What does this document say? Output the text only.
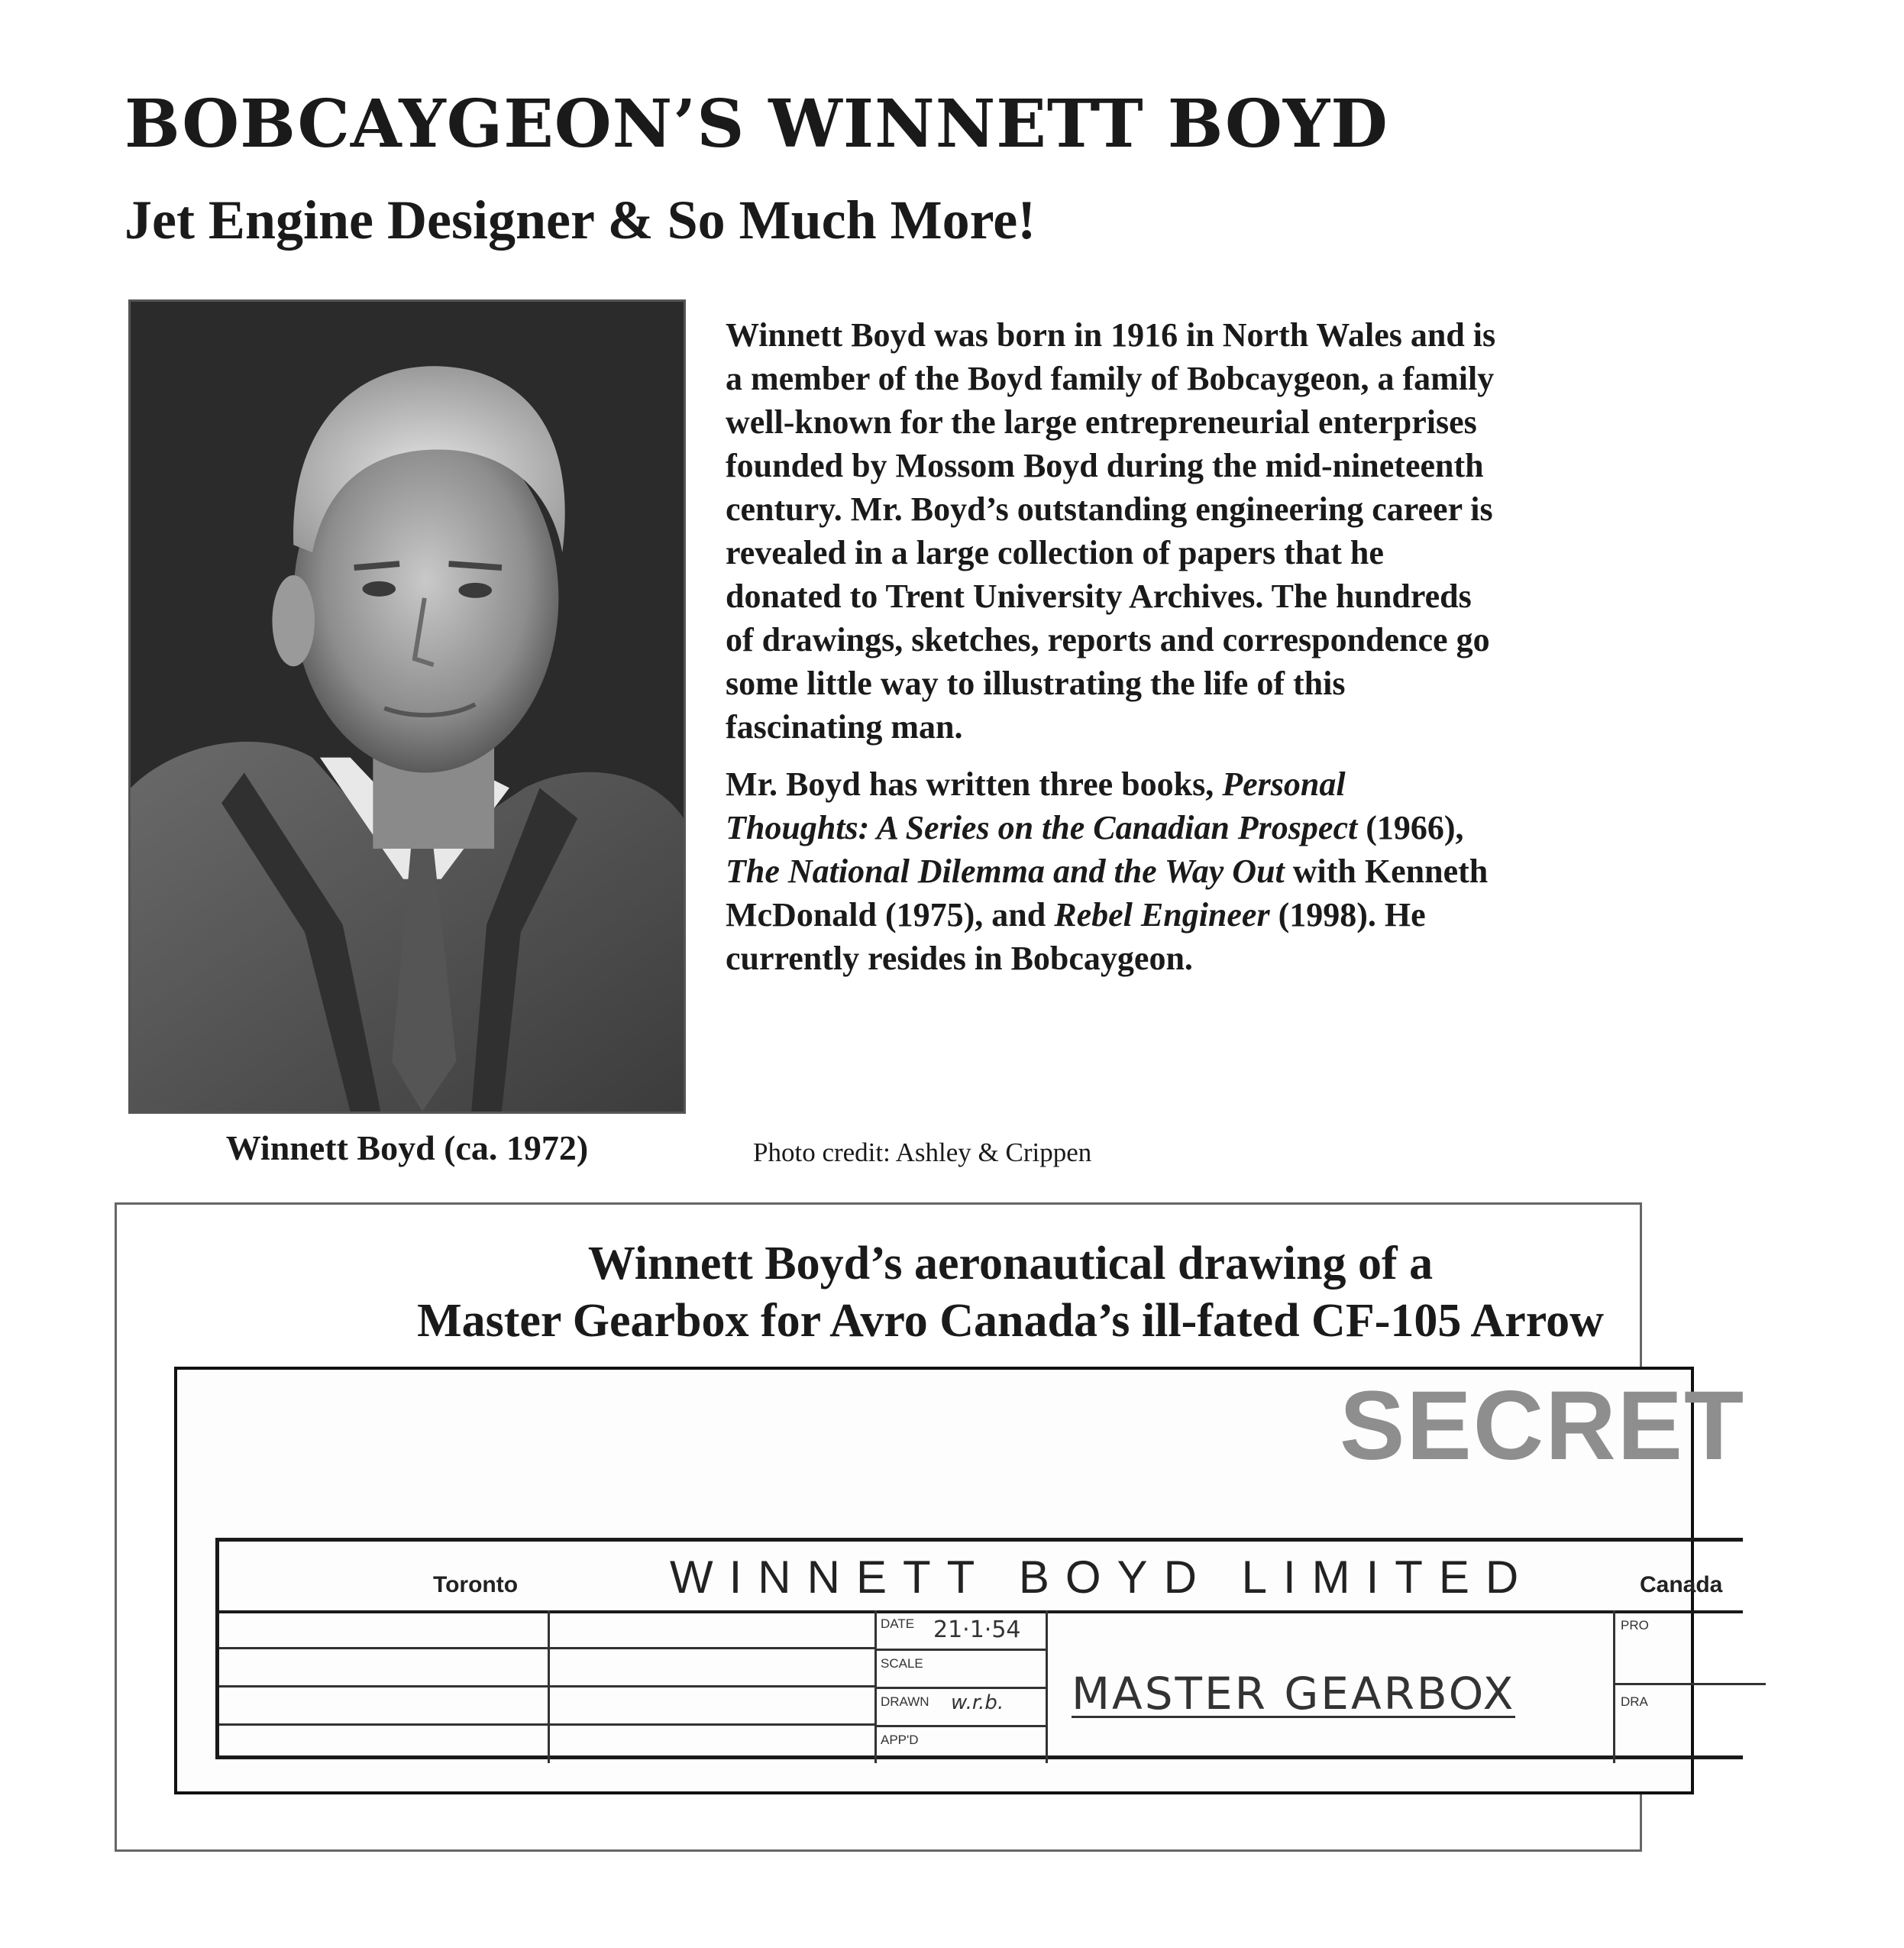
BOBCAYGEON’S WINNETT BOYD
Jet Engine Designer & So Much More!
Winnett Boyd (ca. 1972)	Photo credit: Ashley & Crippen

Winnett Boyd was born in 1916 in North Wales and is a member of the Boyd family of Bobcaygeon, a family well-known for the large entrepreneurial enterprises founded by Mossom Boyd during the mid-nineteenth century. Mr. Boyd’s outstanding engineering career is revealed in a large collection of papers that he donated to Trent University Archives. The hundreds of drawings, sketches, reports and correspondence go some little way to illustrating the life of this fascinating man.

Mr. Boyd has written three books, Personal Thoughts: A Series on the Canadian Prospect (1966), The National Dilemma and the Way Out with Kenneth McDonald (1975), and Rebel Engineer (1998). He currently resides in Bobcaygeon.

Winnett Boyd’s aeronautical drawing of a
Master Gearbox for Avro Canada’s ill-fated CF-105 Arrow
SECRET
Toronto	WINNETT BOYD LIMITED	Canada
DATE 21·1·54
SCALE
DRAWN w.r.b.
APP'D
MASTER GEARBOX
PRO
DRA
